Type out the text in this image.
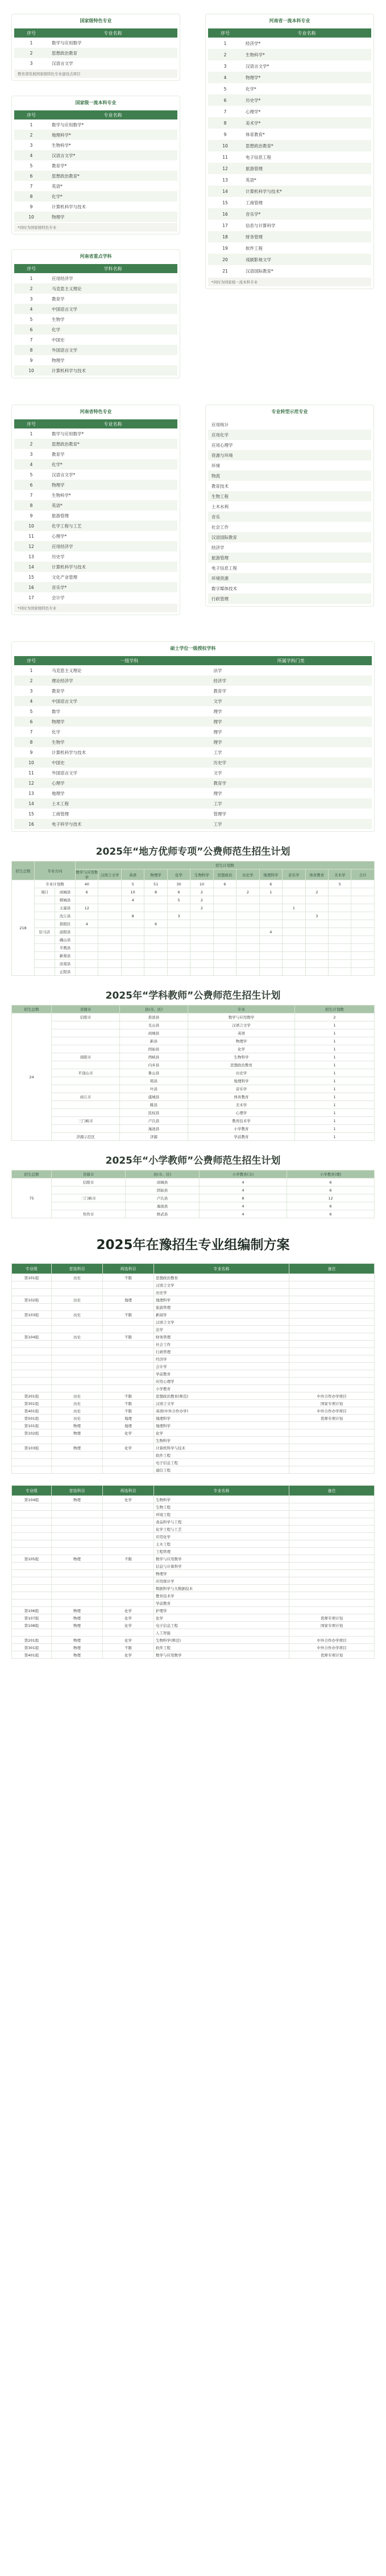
国家级特色专业
序号	专业名称
1	数学与应用数学
2	思想政治教育
3	汉语言文学
教育部发展国家级特色专业建设点项目
国家级一流本科专业
序号	专业名称
1	数学与应用数学*
2	地理科学*
3	生物科学*
4	汉语言文学*
5	教育学*
6	思想政治教育*
7	英语*
8	化学*
9	计算机科学与技术
10	物理学
*同时为国家级特色专业
河南省重点学科
序号	学科名称
1	应用经济学
2	马克思主义理论
3	教育学
4	中国语言文学
5	生物学
6	化学
7	中国史
8	外国语言文学
9	物理学
10	计算机科学与技术
河南省一流本科专业
序号	专业名称
1	经济学*
2	生物科学*
3	汉语言文学*
4	物理学*
5	化学*
6	历史学*
7	心理学*
8	美术学*
9	体育教育*
10	思想政治教育*
11	电子信息工程
12	旅游管理
13	英语*
14	计算机科学与技术*
15	工商管理
16	音乐学*
17	信息与计算科学
18	财务管理
19	软件工程
20	戏剧影视文学
21	汉语国际教育*
*同时为国家级一流本科专业
河南省特色专业
序号	专业名称
1	数学与应用数学*
2	思想政治教育*
3	教育学
4	化学*
5	汉语言文学*
6	物理学
7	生物科学*
8	英语*
9	旅游管理
10	化学工程与工艺
11	心理学*
12	应用经济学
13	历史学
14	计算机科学与技术
15	文化产业管理
16	音乐学*
17	会计学
*同时为国家级特色专业
专业转型示范专业
应用统计
应用化学
应用心理学
资源与环境
环境
物流
教育技术
生物工程
土木水利
音乐
社会工作
汉语国际教育
经济学
旅游管理
电子信息工程
环境资源
数字媒体技术
行政管理
硕士学位一级授权学科
序号	一级学科	所属学科门类
1	马克思主义理论	法学
2	理论经济学	经济学
3	教育学	教育学
4	中国语言文学	文学
5	数学	理学
6	物理学	理学
7	化学	理学
8	生物学	理学
9	计算机科学与技术	工学
10	中国史	历史学
11	外国语言文学	文学
12	心理学	教育学
13	地理学	理学
14	土木工程	工学
15	工商管理	管理学
16	电子科学与技术	工学
2025年“地方优师专项”公费师范生招生计划
招生总数	专业方向		招生计划数												
			数学与应用数学	汉语言文学	英语	物理学	化学	生物科学	思想政治	历史学	地理科学	音乐学	体育教育	美术学	合计
218	专业计划数		40		5	51	30	10	6		6			5	
	周口	商城县	6		10	8	6	2		2	1		2		
		郸城县			4		5	2							
		太康县	12					2				1			
		沈丘县			8		3						3		
		淮阳区	4			6									
	驻马店	泌阳县									4				
		确山县													
		平舆县													
		新蔡县													
		汝南县													
		正阳县													
2025年“学科教师”公费师范生招生计划
招生总数	省辖市	县(市、区)	专业	招生计划数
24	信阳市	淮滨县	数学与应用数学	2
		光山县	汉语言文学	1
		商城县	英语	1
		新县	物理学	1
		固始县	化学	1
	南阳市	西峡县	生物科学	1
		内乡县	思想政治教育	1
	平顶山市	鲁山县	历史学	1
		郏县	地理科学	1
		叶县	音乐学	1
	商丘市	虞城县	体育教育	1
		睢县	美术学	1
		民权县	心理学	1
	三门峡市	卢氏县	教育技术学	1
		渑池县	小学教育	1
	济源示范区	济源	学前教育	1
2025年“小学教师”公费师范生招生计划
招生总数	省辖市	县(市、区)	小学教育(文)	小学教育(理)
75	信阳市	商城县	4	6
		固始县	4	6
	三门峡市	卢氏县	8	12
		渑池县	4	6
	焦作市	修武县	4	6
2025年在豫招生专业组编制方案
专业组	首选科目	再选科目	专业名称	备注
第101组	历史	不限	思想政治教育	
			汉语言文学	
			历史学	
第102组	历史	地理	地理科学	
			旅游管理	
第103组	历史	不限	新闻学	
			汉语言文学	
			法学	
第104组	历史	不限	财务管理	
			社会工作	
			行政管理	
			经济学	
			会计学	
			学前教育	
			应用心理学	
			小学教育	
第201组	历史	不限	思想政治教育(师范)	中外合作办学项目
第301组	历史	不限	汉语言文学	国家专项计划
第401组	历史	不限	英语(中外合作办学)	中外合作办学项目
第501组	历史	地理	地理科学	优师专项计划
第101组	物理	地理	地理科学	
第102组	物理	化学	化学	
			生物科学	
第103组	物理	化学	计算机科学与技术	
			软件工程	
			电子信息工程	
			通信工程	
专业组	首选科目	再选科目	专业名称	备注
第104组	物理	化学	生物科学	
			生物工程	
			环境工程	
			食品科学与工程	
			化学工程与工艺	
			应用化学	
			土木工程	
			工程管理	
第105组	物理	不限	数学与应用数学	
			信息与计算科学	
			物理学	
			应用统计学	
			数据科学与大数据技术	
			教育技术学	
			学前教育	
第106组	物理	化学	护理学	
第107组	物理	化学	化学	优师专项计划
第108组	物理	化学	电子信息工程	国家专项计划
			人工智能	
第201组	物理	化学	生物科学(师范)	中外合作办学项目
第301组	物理	不限	软件工程	中外合作办学项目
第401组	物理	化学	数学与应用数学	优师专项计划
